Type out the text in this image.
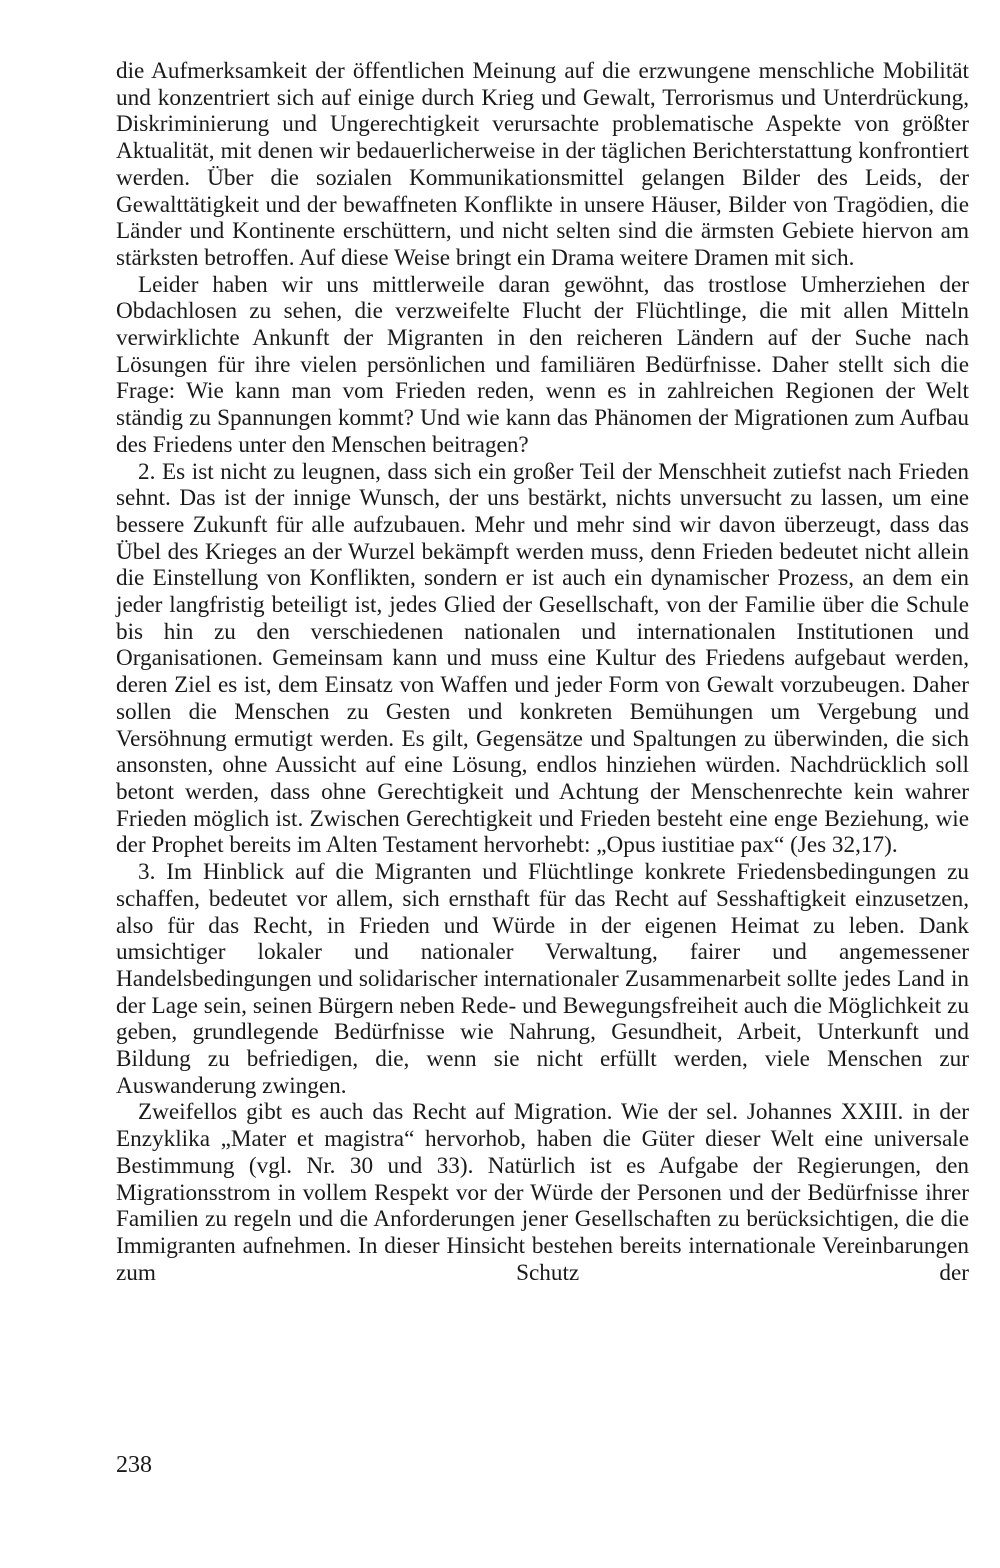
die Aufmerksamkeit der öffentlichen Meinung auf die erzwungene menschliche Mobilität und konzentriert sich auf einige durch Krieg und Gewalt, Terrorismus und Unterdrückung, Diskriminierung und Ungerechtigkeit verursachte problematische Aspekte von größter Aktualität, mit denen wir bedauerlicherweise in der täglichen Berichterstattung konfrontiert werden. Über die sozialen Kommunikationsmittel gelangen Bilder des Leids, der Gewalttätigkeit und der bewaffneten Konflikte in unsere Häuser, Bilder von Tragödien, die Länder und Kontinente erschüttern, und nicht selten sind die ärmsten Gebiete hiervon am stärksten betroffen. Auf diese Weise bringt ein Drama weitere Dramen mit sich.

Leider haben wir uns mittlerweile daran gewöhnt, das trostlose Umherziehen der Obdachlosen zu sehen, die verzweifelte Flucht der Flüchtlinge, die mit allen Mitteln verwirklichte Ankunft der Migranten in den reicheren Ländern auf der Suche nach Lösungen für ihre vielen persönlichen und familiären Bedürfnisse. Daher stellt sich die Frage: Wie kann man vom Frieden reden, wenn es in zahlreichen Regionen der Welt ständig zu Spannungen kommt? Und wie kann das Phänomen der Migrationen zum Aufbau des Friedens unter den Menschen beitragen?

2. Es ist nicht zu leugnen, dass sich ein großer Teil der Menschheit zutiefst nach Frieden sehnt. Das ist der innige Wunsch, der uns bestärkt, nichts unversucht zu lassen, um eine bessere Zukunft für alle aufzubauen. Mehr und mehr sind wir davon überzeugt, dass das Übel des Krieges an der Wurzel bekämpft werden muss, denn Frieden bedeutet nicht allein die Einstellung von Konflikten, sondern er ist auch ein dynamischer Prozess, an dem ein jeder langfristig beteiligt ist, jedes Glied der Gesellschaft, von der Familie über die Schule bis hin zu den verschiedenen nationalen und internationalen Institutionen und Organisationen. Gemeinsam kann und muss eine Kultur des Friedens aufgebaut werden, deren Ziel es ist, dem Einsatz von Waffen und jeder Form von Gewalt vorzubeugen. Daher sollen die Menschen zu Gesten und konkreten Bemühungen um Vergebung und Versöhnung ermutigt werden. Es gilt, Gegensätze und Spaltungen zu überwinden, die sich ansonsten, ohne Aussicht auf eine Lösung, endlos hinziehen würden. Nachdrücklich soll betont werden, dass ohne Gerechtigkeit und Achtung der Menschenrechte kein wahrer Frieden möglich ist. Zwischen Gerechtigkeit und Frieden besteht eine enge Beziehung, wie der Prophet bereits im Alten Testament hervorhebt: „Opus iustitiae pax“ (Jes 32,17).

3. Im Hinblick auf die Migranten und Flüchtlinge konkrete Friedensbedingungen zu schaffen, bedeutet vor allem, sich ernsthaft für das Recht auf Sesshaftigkeit einzusetzen, also für das Recht, in Frieden und Würde in der eigenen Heimat zu leben. Dank umsichtiger lokaler und nationaler Verwaltung, fairer und angemessener Handelsbedingungen und solidarischer internationaler Zusammenarbeit sollte jedes Land in der Lage sein, seinen Bürgern neben Rede- und Bewegungsfreiheit auch die Möglichkeit zu geben, grundlegende Bedürfnisse wie Nahrung, Gesundheit, Arbeit, Unterkunft und Bildung zu befriedigen, die, wenn sie nicht erfüllt werden, viele Menschen zur Auswanderung zwingen.

Zweifellos gibt es auch das Recht auf Migration. Wie der sel. Johannes XXIII. in der Enzyklika „Mater et magistra“ hervorhob, haben die Güter dieser Welt eine universale Bestimmung (vgl. Nr. 30 und 33). Natürlich ist es Aufgabe der Regierungen, den Migrationsstrom in vollem Respekt vor der Würde der Personen und der Bedürfnisse ihrer Familien zu regeln und die Anforderungen jener Gesellschaften zu berücksichtigen, die die Immigranten aufnehmen. In dieser Hinsicht bestehen bereits internationale Vereinbarungen zum Schutz der

238
